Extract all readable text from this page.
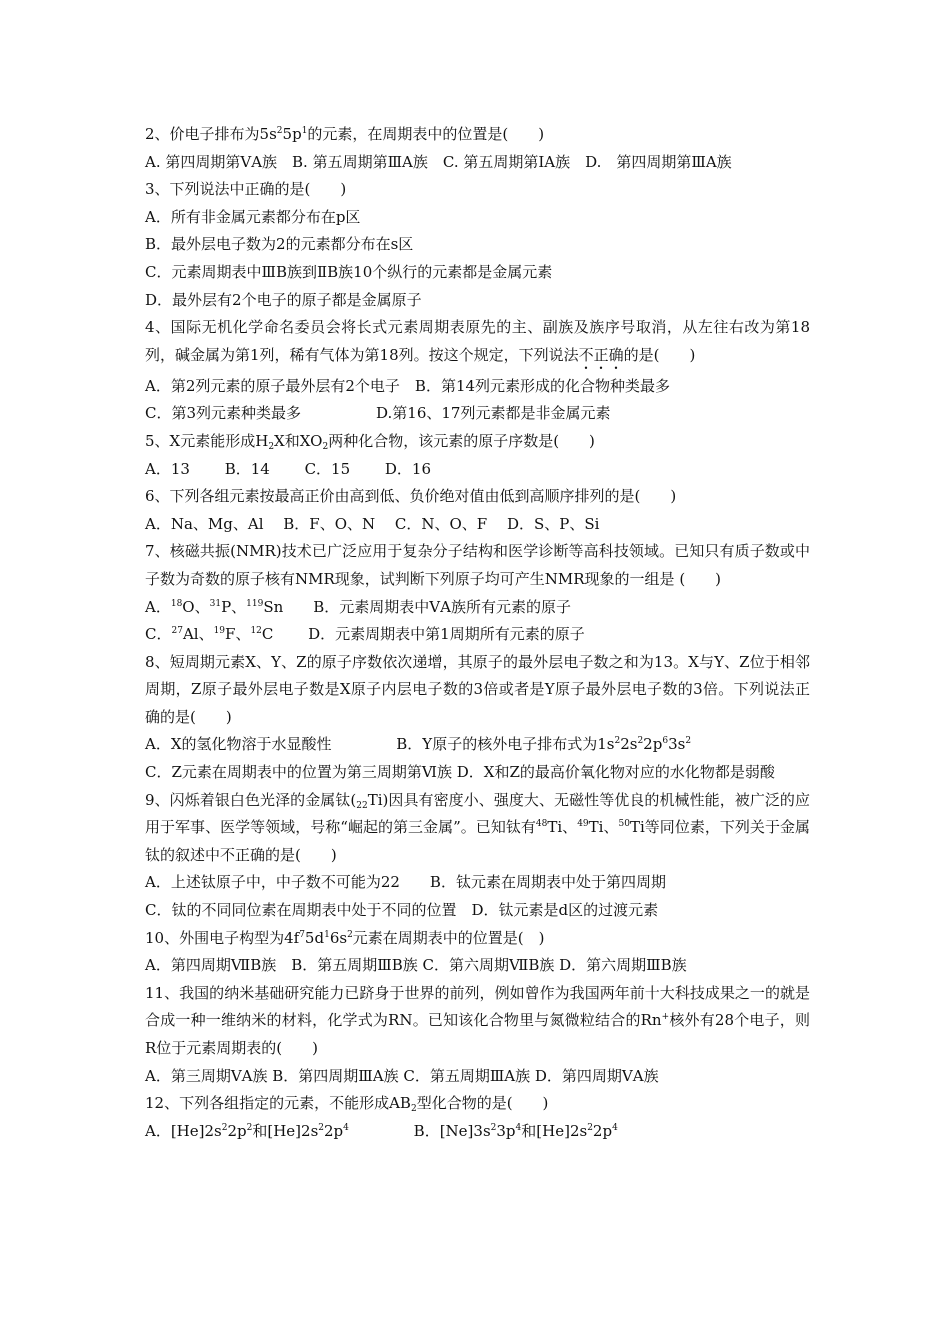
2、价电子排布为$5s^25p^1$的元素，在周期表中的位置是(　　)
A. 第四周期第ⅤA族　B. 第五周期第ⅢA族　C. 第五周期第ⅠA族　D.　第四周期第ⅢA族
3、下列说法中正确的是(　　)
A．所有非金属元素都分布在p区
B．最外层电子数为2的元素都分布在s区
C．元素周期表中ⅢB族到ⅡB族10个纵行的元素都是金属元素
D．最外层有2个电子的原子都是金属原子
4、国际无机化学命名委员会将长式元素周期表原先的主、副族及族序号取消，从左往右改为第18列，碱金属为第1列，稀有气体为第18列。按这个规定，下列说法不正确的是(　　)
A．第2列元素的原子最外层有2个电子　B．第14列元素形成的化合物种类最多
C．第3列元素种类最多　　　　　D.第16、17列元素都是非金属元素
5、X元素能形成$H_2X$和$XO_2$两种化合物，该元素的原子序数是(　　)
A．13　　 B．14　　 C．15　　 D．16
6、下列各组元素按最高正价由高到低、负价绝对值由低到高顺序排列的是(　　)
A．Na、Mg、Al　 B．F、O、N　 C．N、O、F　 D．S、P、Si
7、核磁共振(NMR)技术已广泛应用于复杂分子结构和医学诊断等高科技领域。已知只有质子数或中子数为奇数的原子核有NMR现象，试判断下列原子均可产生NMR现象的一组是 (　　)
A．$^{18}$O、$^{31}$P、$^{119}$Sn　　B．元素周期表中ⅤA族所有元素的原子
C．$^{27}$Al、$^{19}$F、$^{12}$C　　 D．元素周期表中第1周期所有元素的原子
8、短周期元素X、Y、Z的原子序数依次递增，其原子的最外层电子数之和为13。X与Y、Z位于相邻周期，Z原子最外层电子数是X原子内层电子数的3倍或者是Y原子最外层电子数的3倍。下列说法正确的是(　　)
A．X的氢化物溶于水显酸性　　　　 B．Y原子的核外电子排布式为$1s^22s^22p^63s^2$
C．Z元素在周期表中的位置为第三周期第Ⅵ族 D．X和Z的最高价氧化物对应的水化物都是弱酸
9、闪烁着银白色光泽的金属钛$(_{22}Ti)$因具有密度小、强度大、无磁性等优良的机械性能，被广泛的应用于军事、医学等领域，号称“崛起的第三金属”。已知钛有$^{48}$Ti、$^{49}$Ti、$^{50}$Ti等同位素，下列关于金属钛的叙述中不正确的是(　　)
A．上述钛原子中，中子数不可能为22　　B．钛元素在周期表中处于第四周期
C．钛的不同同位素在周期表中处于不同的位置　D．钛元素是d区的过渡元素
10、外围电子构型为$4f^75d^16s^2$元素在周期表中的位置是(　)
A．第四周期ⅦB族　B．第五周期ⅢB族 C．第六周期ⅦB族 D．第六周期ⅢB族
11、我国的纳米基础研究能力已跻身于世界的前列，例如曾作为我国两年前十大科技成果之一的就是合成一种一维纳米的材料，化学式为RN。已知该化合物里与氮微粒结合的Rn+核外有28个电子，则R位于元素周期表的(　　)
A．第三周期ⅤA族 B．第四周期ⅢA族 C．第五周期ⅢA族 D．第四周期ⅤA族
12、下列各组指定的元素，不能形成$AB_2$型化合物的是(　　)
A．$[He]2s^22p^2$和$[He]2s^22p^4$　　　　 B．$[Ne]3s^23p^4$和$[He]2s^22p^4$
